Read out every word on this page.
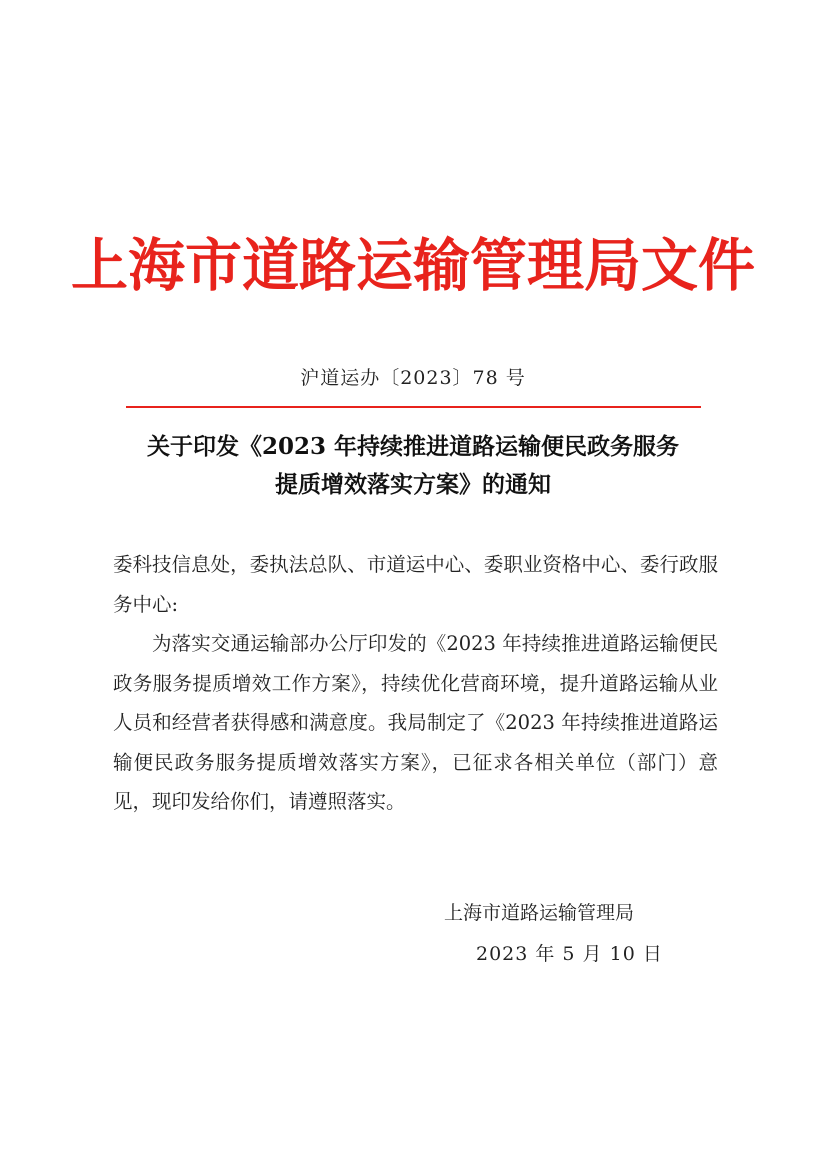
上海市道路运输管理局文件
沪道运办〔2023〕78 号
关于印发《2023 年持续推进道路运输便民政务服务
提质增效落实方案》的通知

委科技信息处，委执法总队、市道运中心、委职业资格中心、委行政服务中心:

为落实交通运输部办公厅印发的《2023 年持续推进道路运输便民政务服务提质增效工作方案》，持续优化营商环境，提升道路运输从业人员和经营者获得感和满意度。我局制定了《2023 年持续推进道路运输便民政务服务提质增效落实方案》，已征求各相关单位（部门）意见，现印发给你们，请遵照落实。

上海市道路运输管理局
2023 年 5 月 10 日
